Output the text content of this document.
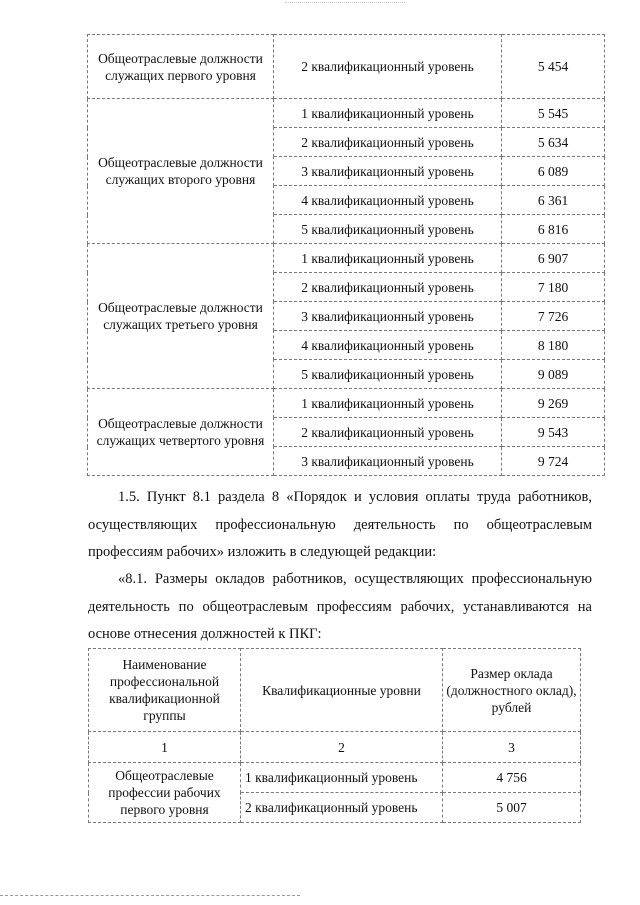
Общеотраслевые должности служащих первого уровня	2 квалификационный уровень	5 454
Общеотраслевые должности служащих второго уровня	1 квалификационный уровень	5 545
	2 квалификационный уровень	5 634
	3 квалификационный уровень	6 089
	4 квалификационный уровень	6 361
	5 квалификационный уровень	6 816
Общеотраслевые должности служащих третьего уровня	1 квалификационный уровень	6 907
	2 квалификационный уровень	7 180
	3 квалификационный уровень	7 726
	4 квалификационный уровень	8 180
	5 квалификационный уровень	9 089
Общеотраслевые должности служащих четвертого уровня	1 квалификационный уровень	9 269
	2 квалификационный уровень	9 543
	3 квалификационный уровень	9 724

1.5. Пункт 8.1 раздела 8 «Порядок и условия оплаты труда работников, осуществляющих профессиональную деятельность по общеотраслевым профессиям рабочих» изложить в следующей редакции:

«8.1. Размеры окладов работников, осуществляющих профессиональную деятельность по общеотраслевым профессиям рабочих, устанавливаются на основе отнесения должностей к ПКГ:

Наименование профессиональной квалификационной группы	Квалификационные уровни	Размер оклада (должностного оклад), рублей
1	2	3
Общеотраслевые профессии рабочих первого уровня	1 квалификационный уровень	4 756
	2 квалификационный уровень	5 007
